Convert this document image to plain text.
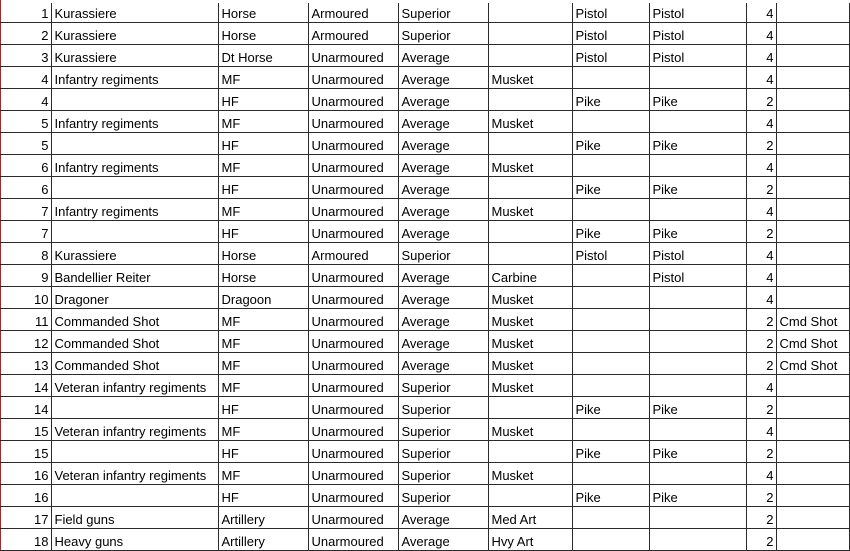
1	Kurassiere	Horse	Armoured	Superior		Pistol	Pistol	4	
2	Kurassiere	Horse	Armoured	Superior		Pistol	Pistol	4	
3	Kurassiere	Dt Horse	Unarmoured	Average		Pistol	Pistol	4	
4	Infantry regiments	MF	Unarmoured	Average	Musket			4	
4		HF	Unarmoured	Average		Pike	Pike	2	
5	Infantry regiments	MF	Unarmoured	Average	Musket			4	
5		HF	Unarmoured	Average		Pike	Pike	2	
6	Infantry regiments	MF	Unarmoured	Average	Musket			4	
6		HF	Unarmoured	Average		Pike	Pike	2	
7	Infantry regiments	MF	Unarmoured	Average	Musket			4	
7		HF	Unarmoured	Average		Pike	Pike	2	
8	Kurassiere	Horse	Armoured	Superior		Pistol	Pistol	4	
9	Bandellier Reiter	Horse	Unarmoured	Average	Carbine		Pistol	4	
10	Dragoner	Dragoon	Unarmoured	Average	Musket			4	
11	Commanded Shot	MF	Unarmoured	Average	Musket			2	Cmd Shot
12	Commanded Shot	MF	Unarmoured	Average	Musket			2	Cmd Shot
13	Commanded Shot	MF	Unarmoured	Average	Musket			2	Cmd Shot
14	Veteran infantry regiments	MF	Unarmoured	Superior	Musket			4	
14		HF	Unarmoured	Superior		Pike	Pike	2	
15	Veteran infantry regiments	MF	Unarmoured	Superior	Musket			4	
15		HF	Unarmoured	Superior		Pike	Pike	2	
16	Veteran infantry regiments	MF	Unarmoured	Superior	Musket			4	
16		HF	Unarmoured	Superior		Pike	Pike	2	
17	Field guns	Artillery	Unarmoured	Average	Med Art			2	
18	Heavy guns	Artillery	Unarmoured	Average	Hvy Art			2	
